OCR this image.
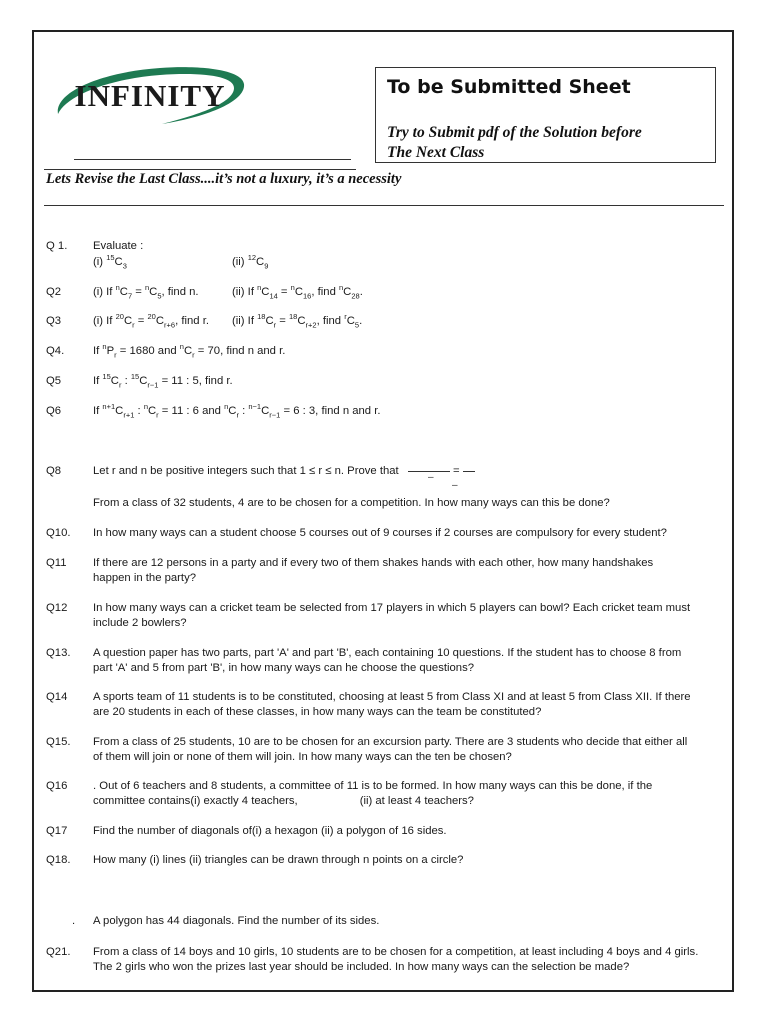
INFINITY	To be Submitted Sheet
Try to Submit pdf of the Solution before
The Next Class
Lets Revise the Last Class....it’s not a luxury, it’s a necessity
Q 1.	Evaluate :
(i) $^{15}C_3$	(ii) $^{12}C_9$
Q2	(i) If $^nC_7 = ^nC_5$, find n.	(ii) If $^nC_{14} = ^nC_{16}$, find $^nC_{28}$.
Q3	(i) If $^{20}C_r = ^{20}C_{r+6}$, find r.	(ii) If $^{18}C_r = ^{18}C_{r+2}$, find $^rC_5$.
Q4.	If $^nP_r = 1680$ and $^nC_r = 70$, find n and r.
Q5	If $^{15}C_r$ : $^{15}C_{r-1} = 11$ : 5, find r.
Q6	If $^{n+1}C_{r+1}$ : $^nC_r = 11$ : 6 and $^nC_r$ : $^{n-1}C_{r-1} = 6$ : 3, find n and r.
Q8	Let r and n be positive integers such that 1 ≤ r ≤ n. Prove that	=
–
–
From a class of 32 students, 4 are to be chosen for a competition. In how many ways can this be done?
Q10.	In how many ways can a student choose 5 courses out of 9 courses if 2 courses are compulsory for every student?
Q11	If there are 12 persons in a party and if every two of them shakes hands with each other, how many handshakes
happen in the party?
Q12	In how many ways can a cricket team be selected from 17 players in which 5 players can bowl? Each cricket team must
include 2 bowlers?
Q13.	A question paper has two parts, part 'A' and part 'B', each containing 10 questions. If the student has to choose 8 from
part 'A' and 5 from part 'B', in how many ways can he choose the questions?
Q14	A sports team of 11 students is to be constituted, choosing at least 5 from Class XI and at least 5 from Class XII. If there
are 20 students in each of these classes, in how many ways can the team be constituted?
Q15.	From a class of 25 students, 10 are to be chosen for an excursion party. There are 3 students who decide that either all
of them will join or none of them will join. In how many ways can the ten be chosen?
Q16	. Out of 6 teachers and 8 students, a committee of 11 is to be formed. In how many ways can this be done, if the
committee contains(i) exactly 4 teachers,	(ii) at least 4 teachers?
Q17	Find the number of diagonals of(i) a hexagon (ii) a polygon of 16 sides.
Q18.	How many (i) lines (ii) triangles can be drawn through n points on a circle?
.	A polygon has 44 diagonals. Find the number of its sides.
Q21.	From a class of 14 boys and 10 girls, 10 students are to be chosen for a competition, at least including 4 boys and 4 girls.
The 2 girls who won the prizes last year should be included. In how many ways can the selection be made?
